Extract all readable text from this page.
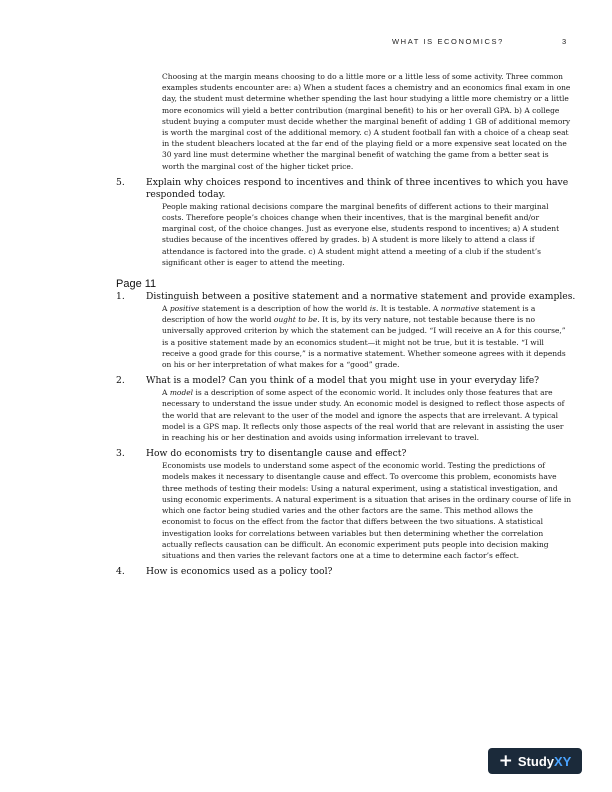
WHAT IS ECONOMICS?	3
Choosing at the margin means choosing to do a little more or a little less of some activity. Three common examples students encounter are: a) When a student faces a chemistry and an economics final exam in one day, the student must determine whether spending the last hour studying a little more chemistry or a little more economics will yield a better contribution (marginal benefit) to his or her overall GPA. b) A college student buying a computer must decide whether the marginal benefit of adding 1 GB of additional memory is worth the marginal cost of the additional memory. c) A student football fan with a choice of a cheap seat in the student bleachers located at the far end of the playing field or a more expensive seat located on the 30 yard line must determine whether the marginal benefit of watching the game from a better seat is worth the marginal cost of the higher ticket price.
5. Explain why choices respond to incentives and think of three incentives to which you have responded today.
People making rational decisions compare the marginal benefits of different actions to their marginal costs. Therefore people’s choices change when their incentives, that is the marginal benefit and/or marginal cost, of the choice changes. Just as everyone else, students respond to incentives; a) A student studies because of the incentives offered by grades. b) A student is more likely to attend a class if attendance is factored into the grade. c) A student might attend a meeting of a club if the student’s significant other is eager to attend the meeting.
Page 11
1. Distinguish between a positive statement and a normative statement and provide examples.
A positive statement is a description of how the world is. It is testable. A normative statement is a description of how the world ought to be. It is, by its very nature, not testable because there is no universally approved criterion by which the statement can be judged. “I will receive an A for this course,” is a positive statement made by an economics student—it might not be true, but it is testable. “I will receive a good grade for this course,” is a normative statement. Whether someone agrees with it depends on his or her interpretation of what makes for a “good” grade.
2. What is a model? Can you think of a model that you might use in your everyday life?
A model is a description of some aspect of the economic world. It includes only those features that are necessary to understand the issue under study. An economic model is designed to reflect those aspects of the world that are relevant to the user of the model and ignore the aspects that are irrelevant. A typical model is a GPS map. It reflects only those aspects of the real world that are relevant in assisting the user in reaching his or her destination and avoids using information irrelevant to travel.
3. How do economists try to disentangle cause and effect?
Economists use models to understand some aspect of the economic world. Testing the predictions of models makes it necessary to disentangle cause and effect. To overcome this problem, economists have three methods of testing their models: Using a natural experiment, using a statistical investigation, and using economic experiments. A natural experiment is a situation that arises in the ordinary course of life in which one factor being studied varies and the other factors are the same. This method allows the economist to focus on the effect from the factor that differs between the two situations. A statistical investigation looks for correlations between variables but then determining whether the correlation actually reflects causation can be difficult. An economic experiment puts people into decision making situations and then varies the relevant factors one at a time to determine each factor’s effect.
4. How is economics used as a policy tool?
+ StudyXY
